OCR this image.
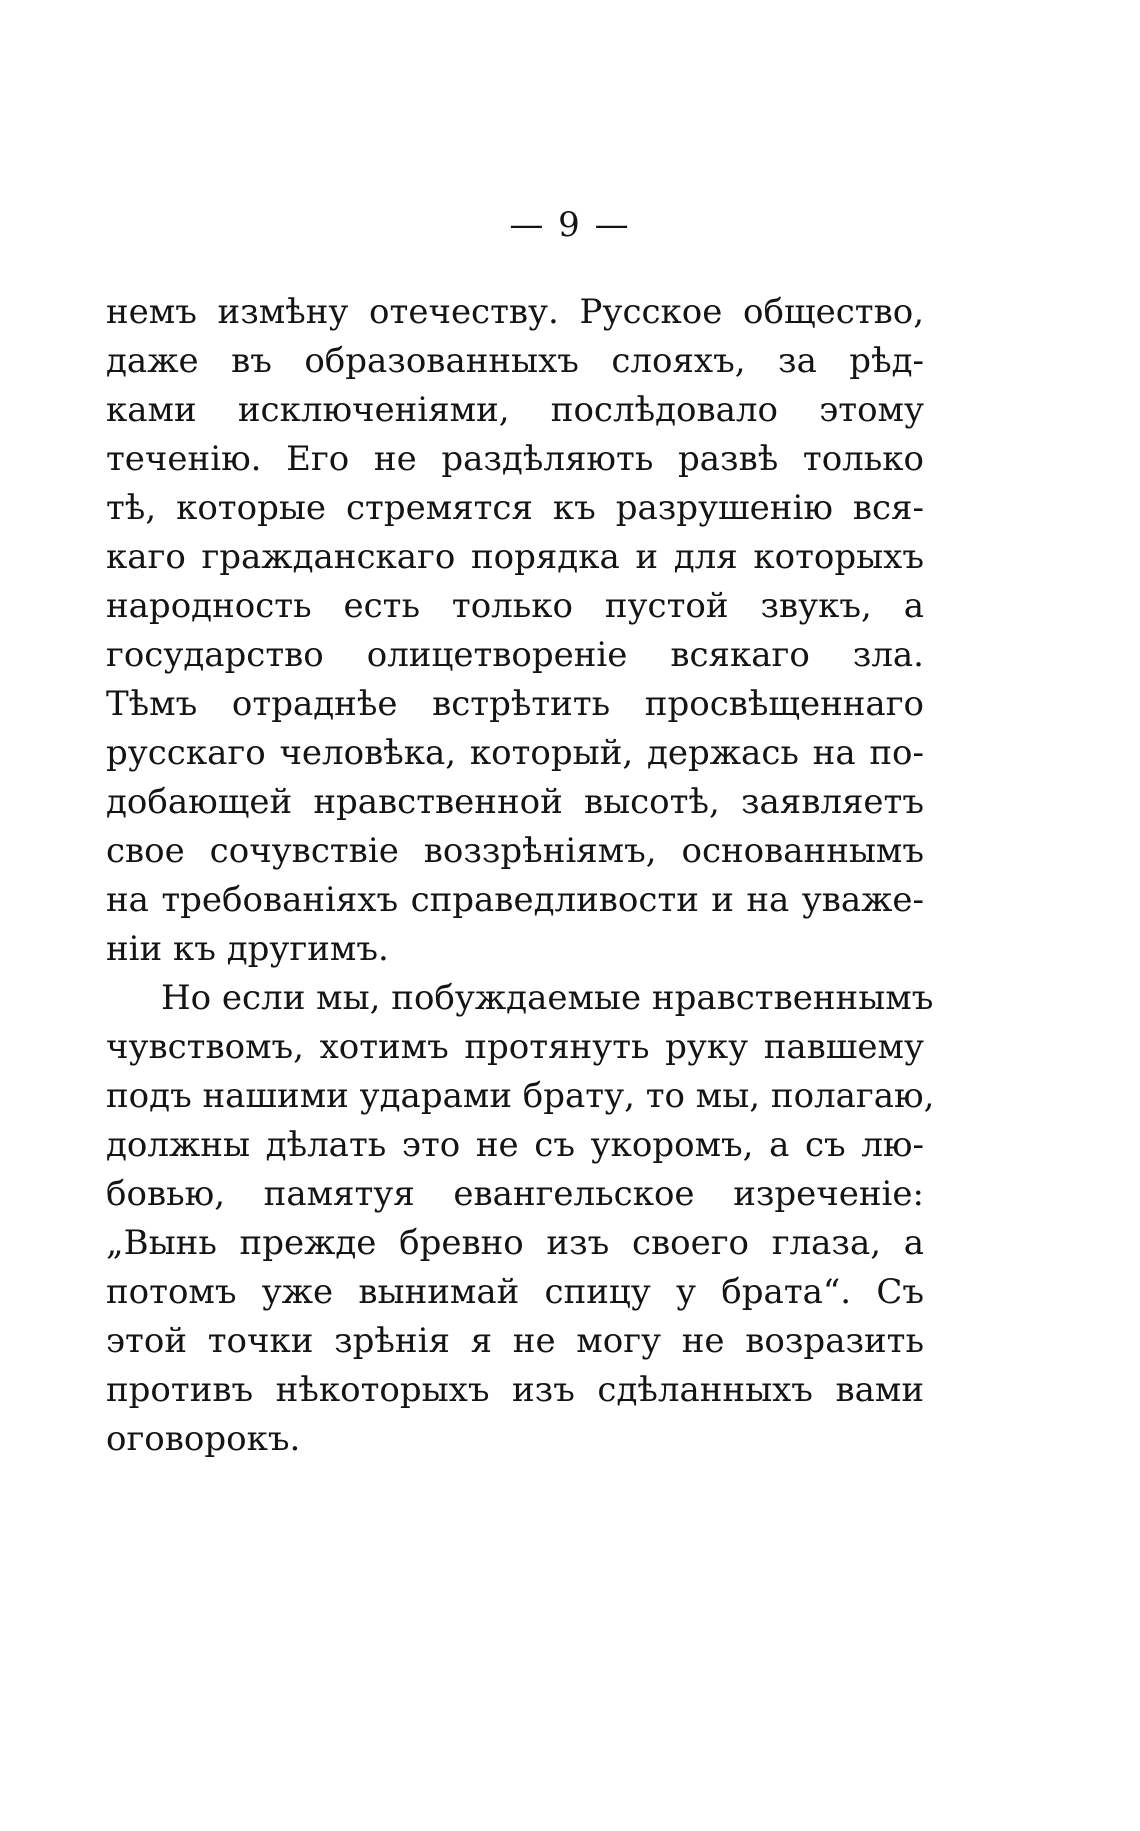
— 9 —
немъ измѣну отечеству. Русское общество,
даже въ образованныхъ слояхъ, за рѣд-
ками исключеніями, послѣдовало этому
теченію. Его не раздѣляють развѣ только
тѣ, которые стремятся къ разрушенію вся-
каго гражданскаго порядка и для которыхъ
народность есть только пустой звукъ, а
государство олицетвореніе всякаго зла.
Тѣмъ отраднѣе встрѣтить просвѣщеннаго
русскаго человѣка, который, держась на по-
добающей нравственной высотѣ, заявляетъ
свое сочувствіе воззрѣніямъ, основаннымъ
на требованіяхъ справедливости и на уваже-
ніи къ другимъ.
Но если мы, побуждаемые нравственнымъ
чувствомъ, хотимъ протянуть руку павшему
подъ нашими ударами брату, то мы, полагаю,
должны дѣлать это не съ укоромъ, а съ лю-
бовью, памятуя евангельское изреченіе:
„Вынь прежде бревно изъ своего глаза, а
потомъ уже вынимай спицу у брата“. Съ
этой точки зрѣнія я не могу не возразить
противъ нѣкоторыхъ изъ сдѣланныхъ вами
оговорокъ.
